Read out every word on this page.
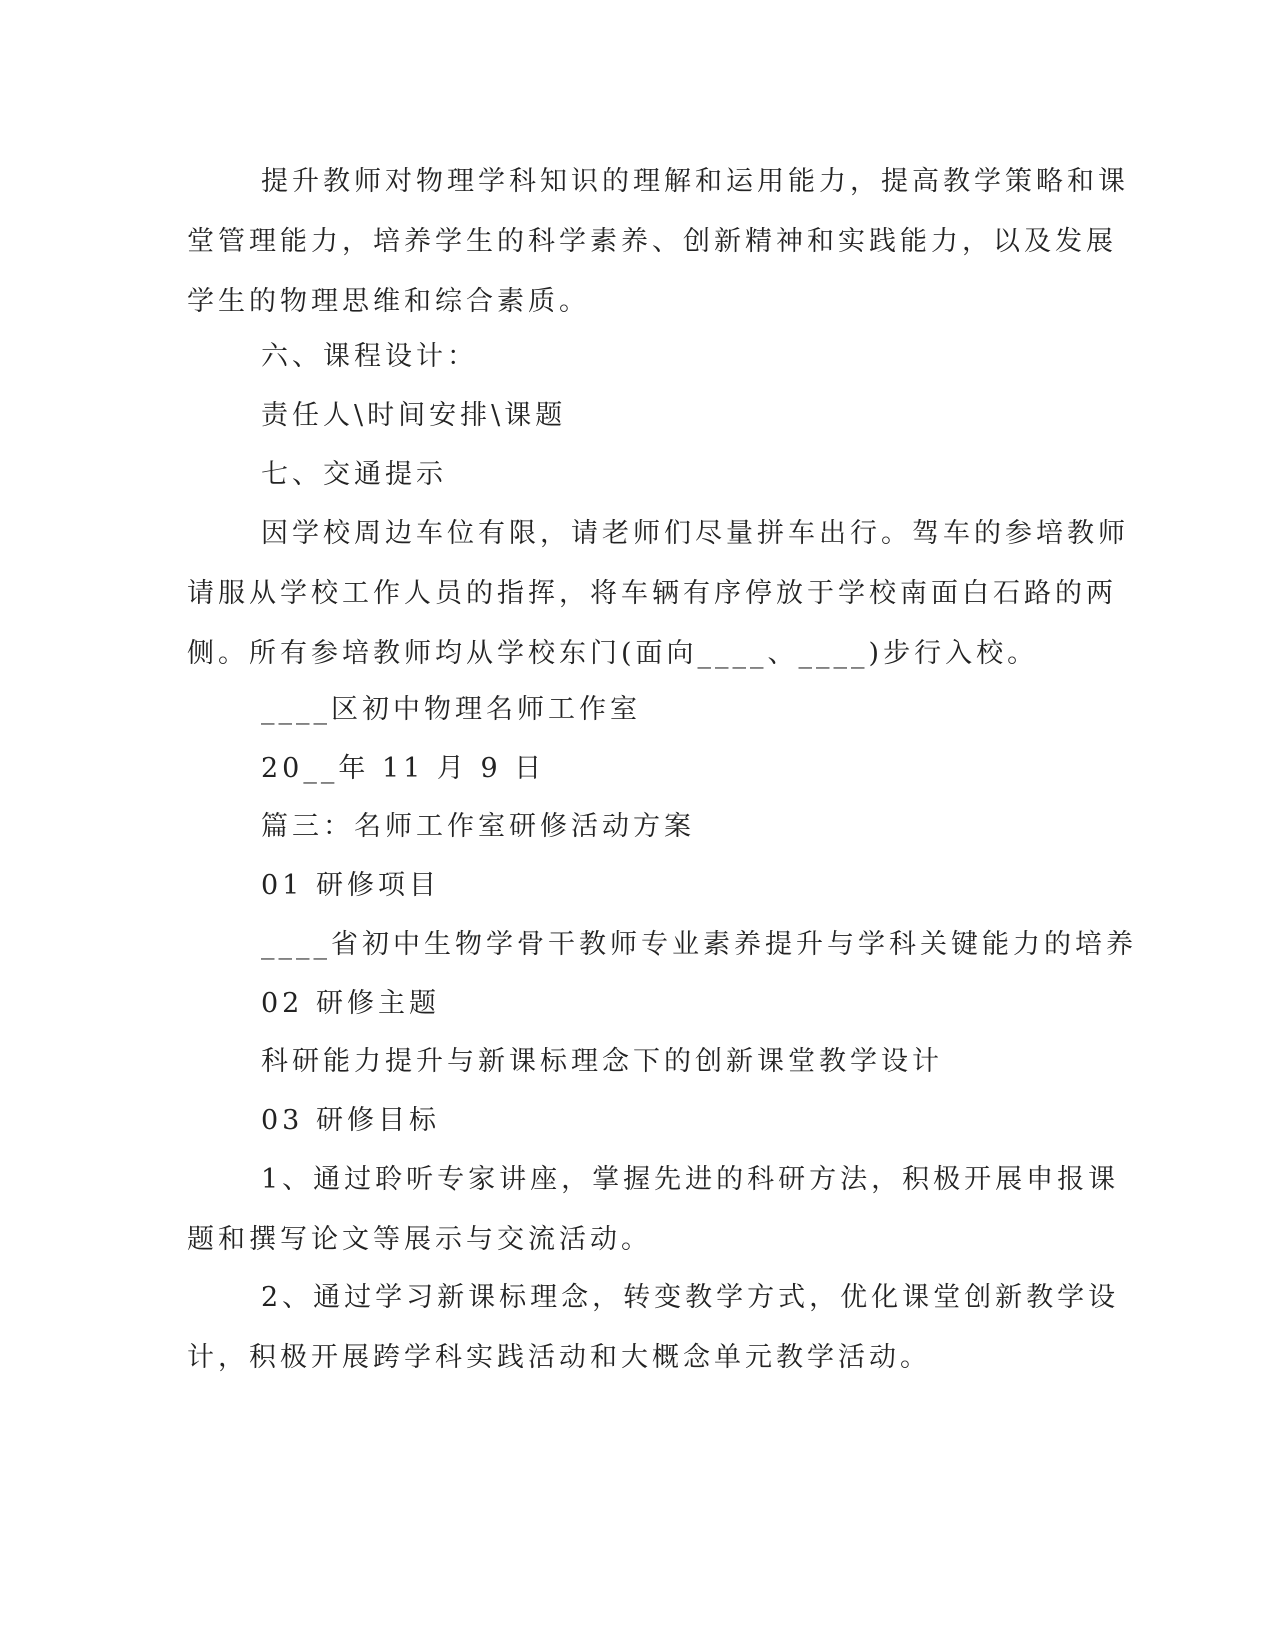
提升教师对物理学科知识的理解和运用能力，提高教学策略和课
堂管理能力，培养学生的科学素养、创新精神和实践能力，以及发展
学生的物理思维和综合素质。
六、课程设计：
责任人\时间安排\课题
七、交通提示
因学校周边车位有限，请老师们尽量拼车出行。驾车的参培教师
请服从学校工作人员的指挥，将车辆有序停放于学校南面白石路的两
侧。所有参培教师均从学校东门(面向____、____)步行入校。
____区初中物理名师工作室
20__年 11 月 9 日
篇三：名师工作室研修活动方案
01 研修项目
____省初中生物学骨干教师专业素养提升与学科关键能力的培养
02 研修主题
科研能力提升与新课标理念下的创新课堂教学设计
03 研修目标
1、通过聆听专家讲座，掌握先进的科研方法，积极开展申报课
题和撰写论文等展示与交流活动。
2、通过学习新课标理念，转变教学方式，优化课堂创新教学设
计，积极开展跨学科实践活动和大概念单元教学活动。
